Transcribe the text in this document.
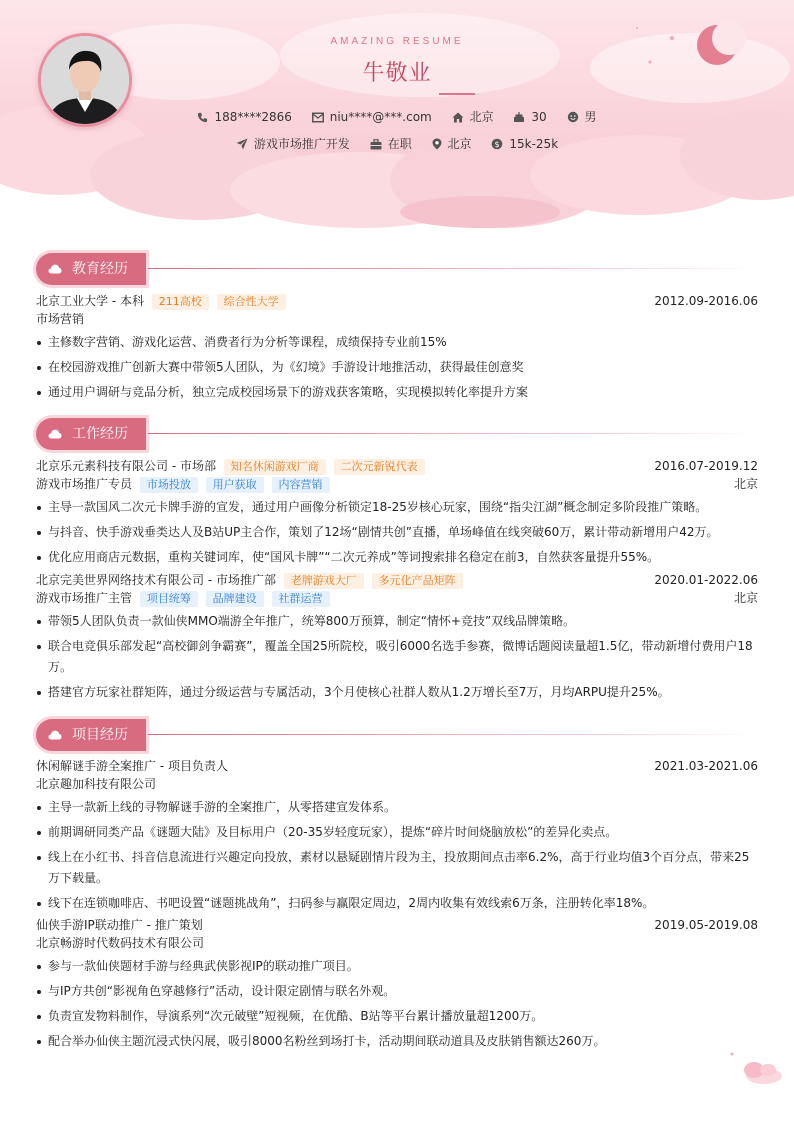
AMAZING RESUME
牛敬业
188****2866	niu****@***.com	北京	30	男
游戏市场推广开发	在职	北京	$ 15k-25k
教育经历
北京工业大学 - 本科 211高校 综合性大学	2012.09-2016.06
市场营销
主修数字营销、游戏化运营、消费者行为分析等课程，成绩保持专业前15%
在校园游戏推广创新大赛中带领5人团队，为《幻境》手游设计地推活动，获得最佳创意奖
通过用户调研与竞品分析，独立完成校园场景下的游戏获客策略，实现模拟转化率提升方案
工作经历
北京乐元素科技有限公司 - 市场部 知名休闲游戏厂商 二次元新锐代表	2016.07-2019.12
游戏市场推广专员 市场投放 用户获取 内容营销	北京
主导一款国风二次元卡牌手游的宣发，通过用户画像分析锁定18-25岁核心玩家，围绕“指尖江湖”概念制定多阶段推广策略。
与抖音、快手游戏垂类达人及B站UP主合作，策划了12场“剧情共创”直播，单场峰值在线突破60万，累计带动新增用户42万。
优化应用商店元数据，重构关键词库，使“国风卡牌”“二次元养成”等词搜索排名稳定在前3，自然获客量提升55%。
北京完美世界网络技术有限公司 - 市场推广部 老牌游戏大厂 多元化产品矩阵	2020.01-2022.06
游戏市场推广主管 项目统筹 品牌建设 社群运营	北京
带领5人团队负责一款仙侠MMO端游全年推广，统筹800万预算，制定“情怀+竞技”双线品牌策略。
联合电竞俱乐部发起“高校御剑争霸赛”，覆盖全国25所院校，吸引6000名选手参赛，微博话题阅读量超1.5亿，带动新增付费用户18万。
搭建官方玩家社群矩阵，通过分级运营与专属活动，3个月使核心社群人数从1.2万增长至7万，月均ARPU提升25%。
项目经历
休闲解谜手游全案推广 - 项目负责人	2021.03-2021.06
北京趣加科技有限公司
主导一款新上线的寻物解谜手游的全案推广，从零搭建宣发体系。
前期调研同类产品《谜题大陆》及目标用户（20-35岁轻度玩家），提炼“碎片时间烧脑放松”的差异化卖点。
线上在小红书、抖音信息流进行兴趣定向投放，素材以悬疑剧情片段为主，投放期间点击率6.2%，高于行业均值3个百分点，带来25万下载量。
线下在连锁咖啡店、书吧设置“谜题挑战角”，扫码参与赢限定周边，2周内收集有效线索6万条，注册转化率18%。
仙侠手游IP联动推广 - 推广策划	2019.05-2019.08
北京畅游时代数码技术有限公司
参与一款仙侠题材手游与经典武侠影视IP的联动推广项目。
与IP方共创“影视角色穿越修行”活动，设计限定剧情与联名外观。
负责宣发物料制作，导演系列“次元破壁”短视频，在优酷、B站等平台累计播放量超1200万。
配合举办仙侠主题沉浸式快闪展，吸引8000名粉丝到场打卡，活动期间联动道具及皮肤销售额达260万。
